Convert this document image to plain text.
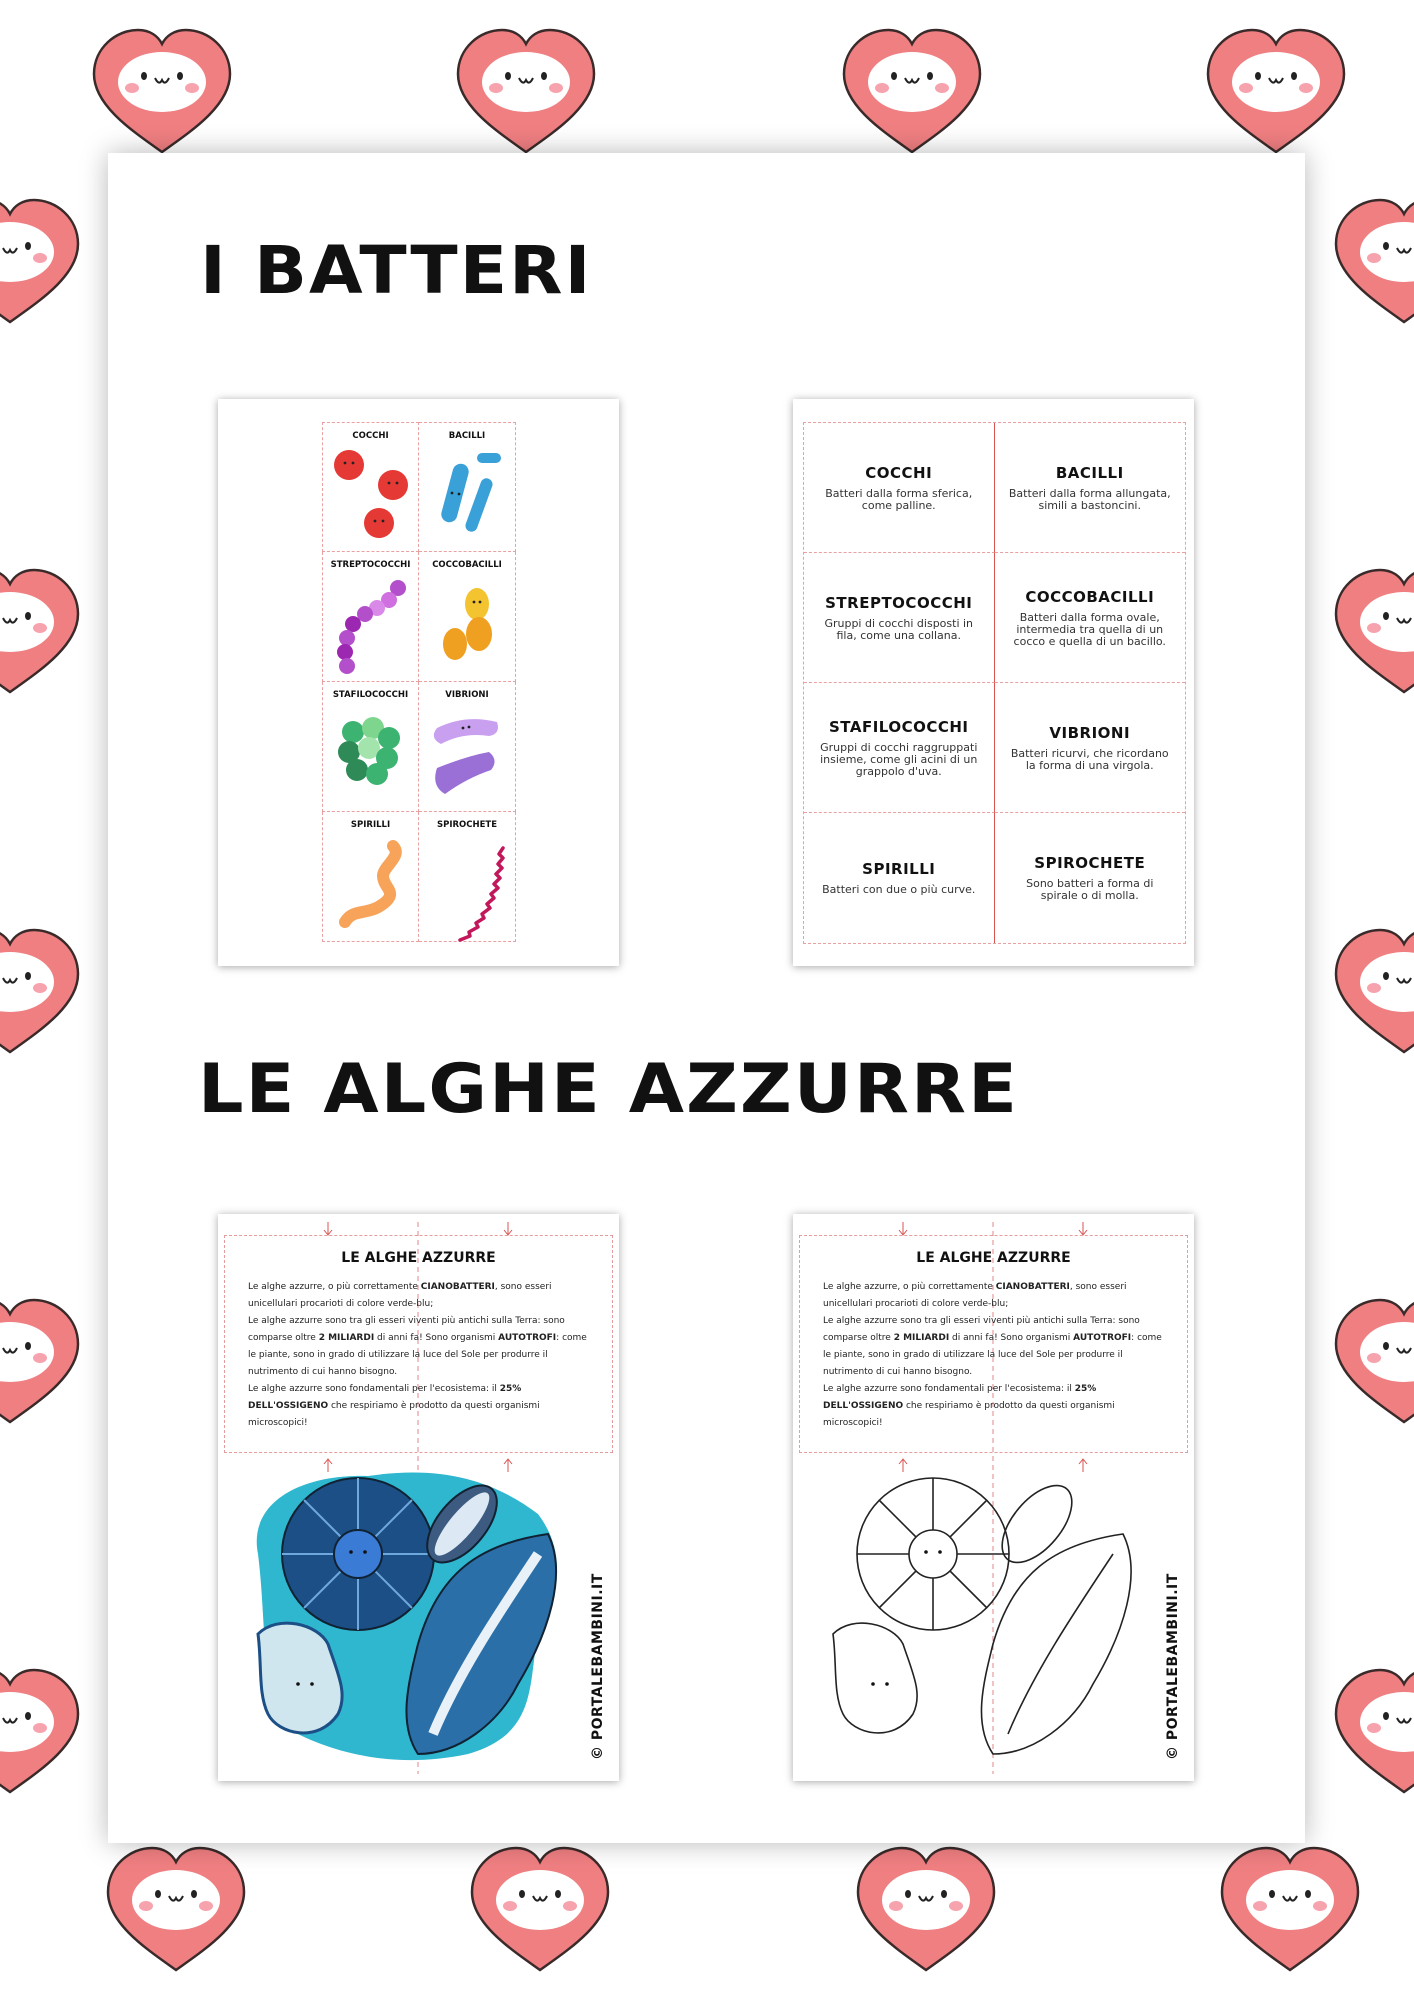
I BATTERI
LE ALGHE AZZURRE
COCCHI	BACILLI
STREPTOCOCCHI	COCCOBACILLI
STAFILOCOCCHI	VIBRIONI
SPIRILLI	SPIROCHETE
COCCHI
Batteri dalla forma sferica, come palline.
BACILLI
Batteri dalla forma allungata, simili a bastoncini.
STREPTOCOCCHI
Gruppi di cocchi disposti in fila, come una collana.
COCCOBACILLI
Batteri dalla forma ovale, intermedia tra quella di un cocco e quella di un bacillo.
STAFILOCOCCHI
Gruppi di cocchi raggruppati insieme, come gli acini di un grappolo d'uva.
VIBRIONI
Batteri ricurvi, che ricordano la forma di una virgola.
SPIRILLI
Batteri con due o più curve.
SPIROCHETE
Sono batteri a forma di spirale o di molla.
LE ALGHE AZZURRE

Le alghe azzurre, o più correttamente CIANOBATTERI, sono esseri unicellulari procarioti di colore verde-blu;
Le alghe azzurre sono tra gli esseri viventi più antichi sulla Terra: sono comparse oltre 2 MILIARDI di anni fa! Sono organismi AUTOTROFI: come le piante, sono in grado di utilizzare la luce del Sole per produrre il nutrimento di cui hanno bisogno.
Le alghe azzurre sono fondamentali per l'ecosistema: il 25% DELL'OSSIGENO che respiriamo è prodotto da questi organismi microscopici!

© PORTALEBAMBINI.IT
LE ALGHE AZZURRE

Le alghe azzurre, o più correttamente CIANOBATTERI, sono esseri unicellulari procarioti di colore verde-blu;
Le alghe azzurre sono tra gli esseri viventi più antichi sulla Terra: sono comparse oltre 2 MILIARDI di anni fa! Sono organismi AUTOTROFI: come le piante, sono in grado di utilizzare la luce del Sole per produrre il nutrimento di cui hanno bisogno.
Le alghe azzurre sono fondamentali per l'ecosistema: il 25% DELL'OSSIGENO che respiriamo è prodotto da questi organismi microscopici!

© PORTALEBAMBINI.IT
